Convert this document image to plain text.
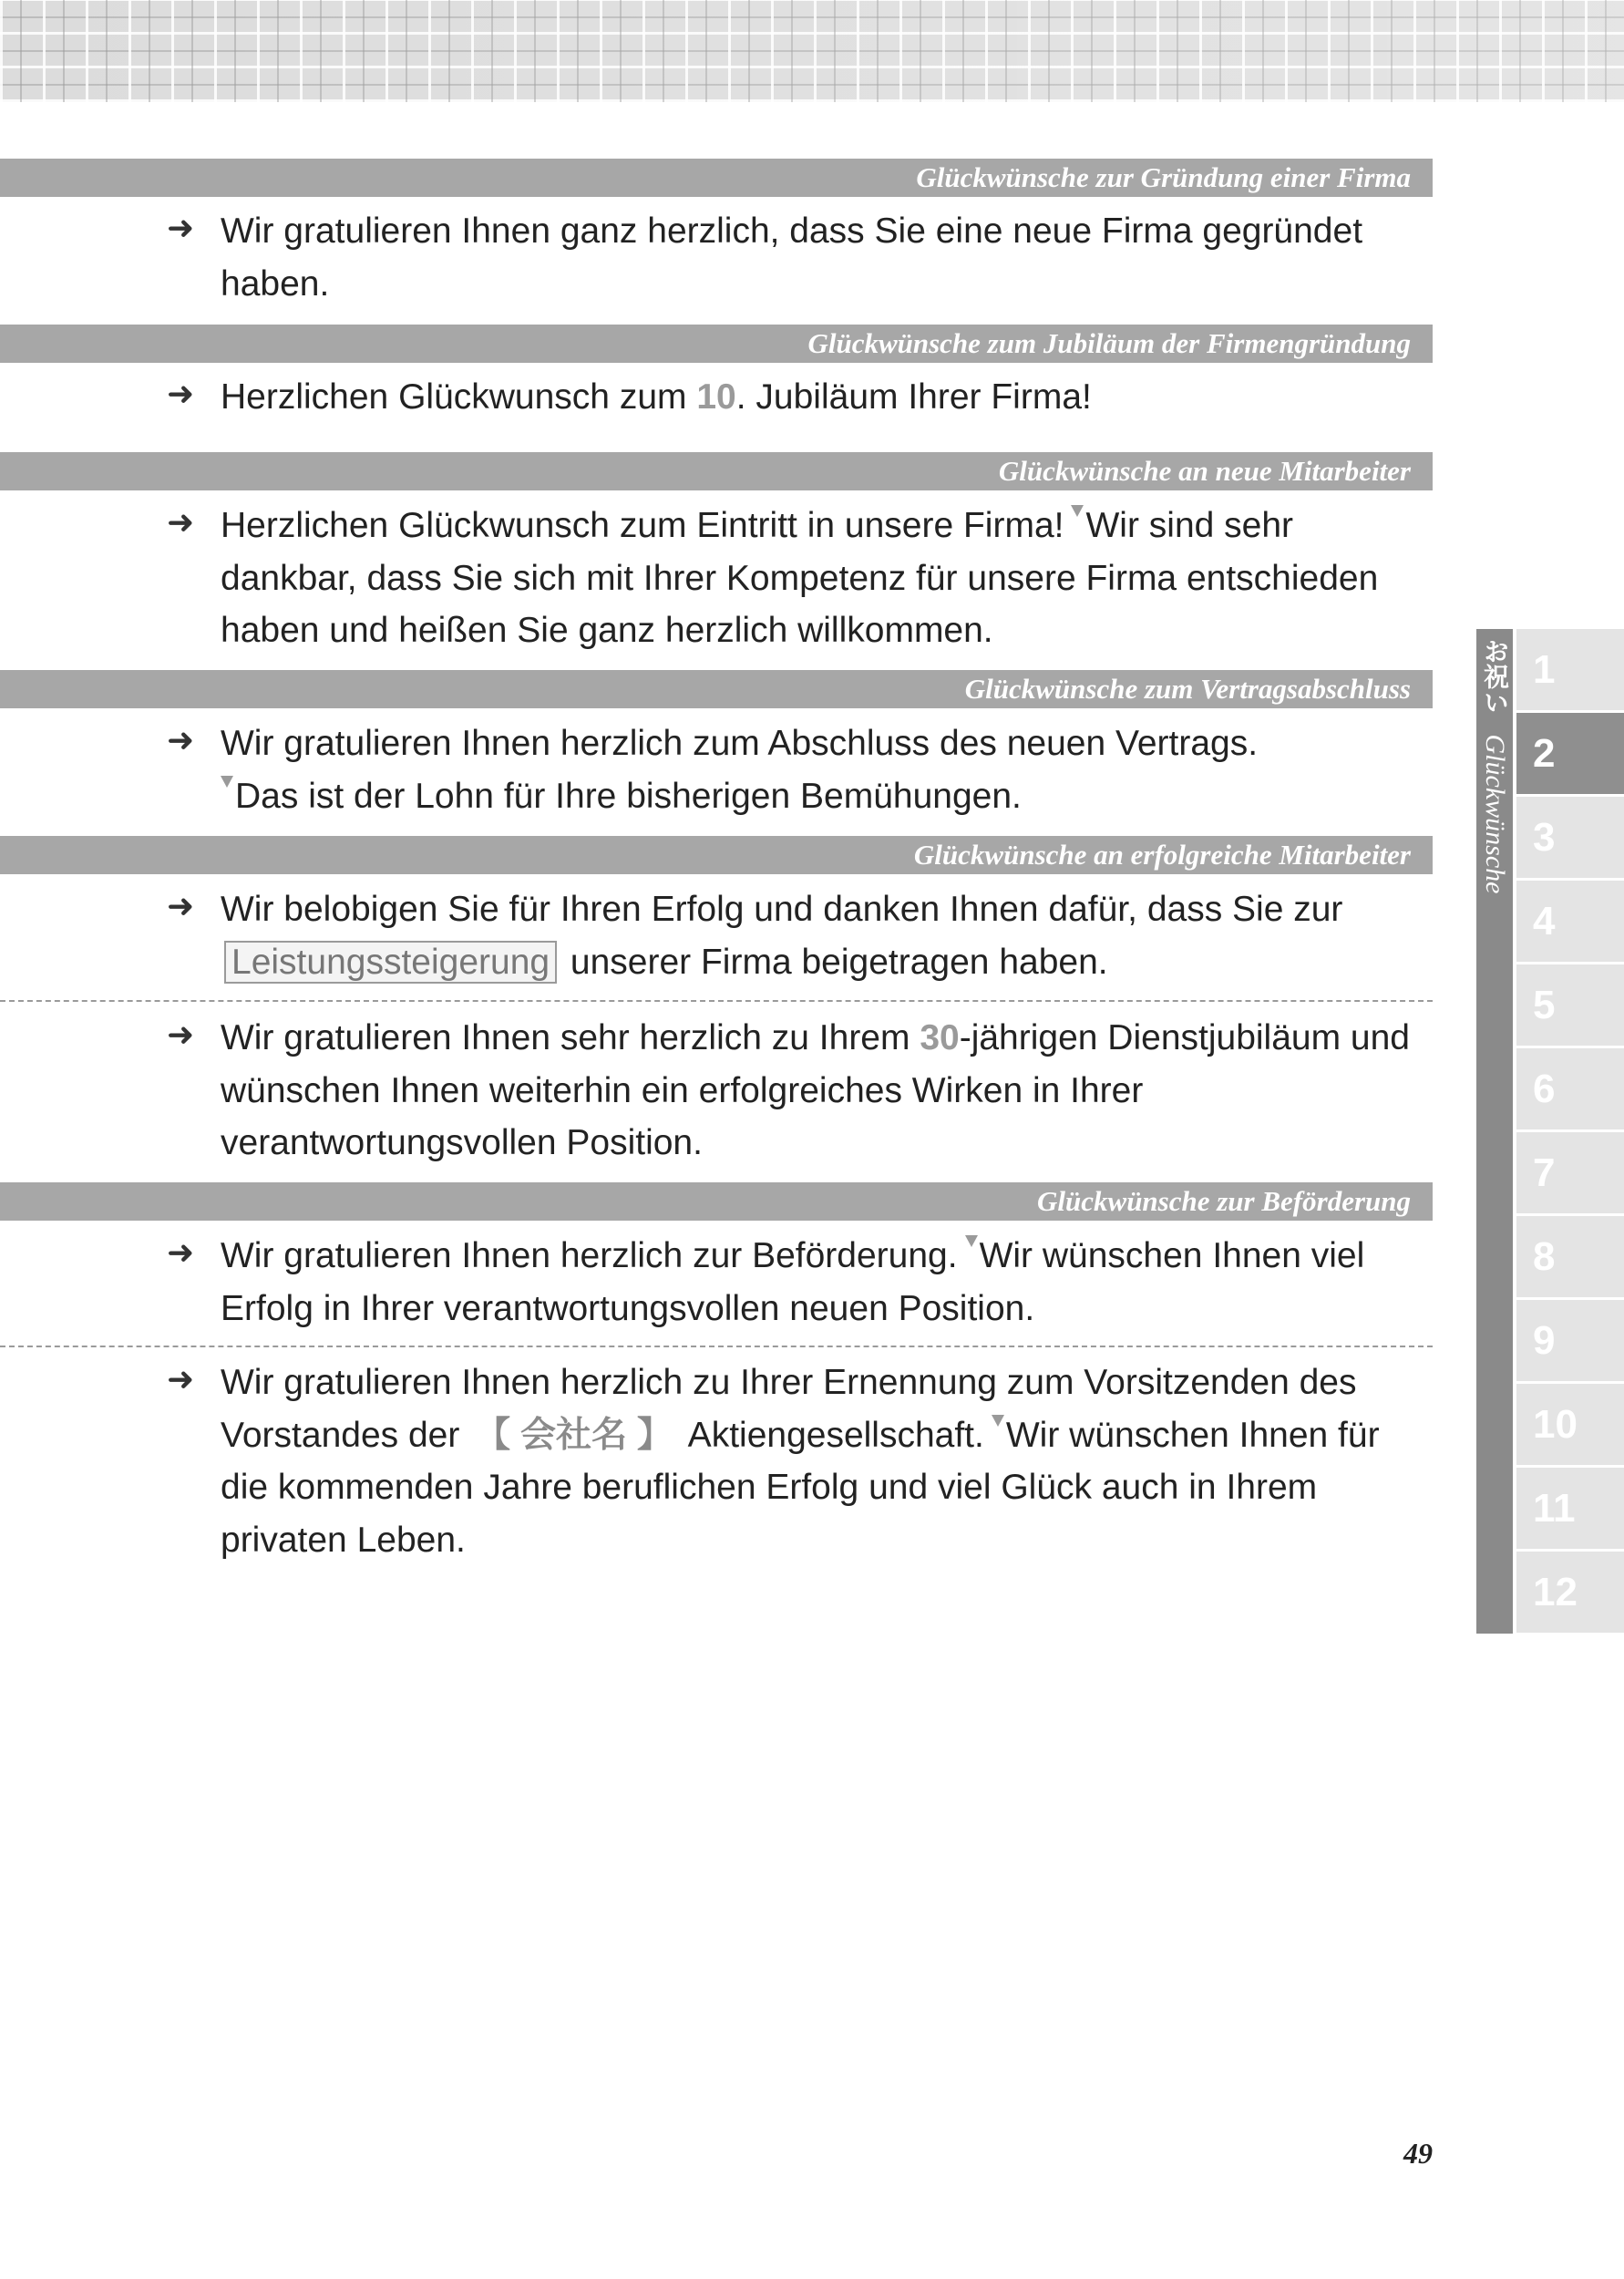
Glückwünsche zur Gründung einer Firma
➜ Wir gratulieren Ihnen ganz herzlich, dass Sie eine neue Firma gegründet haben.
Glückwünsche zum Jubiläum der Firmengründung
➜ Herzlichen Glückwunsch zum 10. Jubiläum Ihrer Firma!
Glückwünsche an neue Mitarbeiter
➜ Herzlichen Glückwunsch zum Eintritt in unsere Firma! Wir sind sehr dankbar, dass Sie sich mit Ihrer Kompetenz für unsere Firma entschieden haben und heißen Sie ganz herzlich willkommen.
Glückwünsche zum Vertragsabschluss
➜ Wir gratulieren Ihnen herzlich zum Abschluss des neuen Vertrags.
Das ist der Lohn für Ihre bisherigen Bemühungen.
Glückwünsche an erfolgreiche Mitarbeiter
➜ Wir belobigen Sie für Ihren Erfolg und danken Ihnen dafür, dass Sie zur Leistungssteigerung unserer Firma beigetragen haben.
➜ Wir gratulieren Ihnen sehr herzlich zu Ihrem 30-jährigen Dienstjubiläum und wünschen Ihnen weiterhin ein erfolgreiches Wirken in Ihrer verantwortungsvollen Position.
Glückwünsche zur Beförderung
➜ Wir gratulieren Ihnen herzlich zur Beförderung. Wir wünschen Ihnen viel Erfolg in Ihrer verantwortungsvollen neuen Position.
➜ Wir gratulieren Ihnen herzlich zu Ihrer Ernennung zum Vorsitzenden des Vorstandes der 【 会社名 】 Aktiengesellschaft. Wir wünschen Ihnen für die kommenden Jahre beruflichen Erfolg und viel Glück auch in Ihrem privaten Leben.
お祝い Glückwünsche
1
2
3
4
5
6
7
8
9
10
11
12
49
